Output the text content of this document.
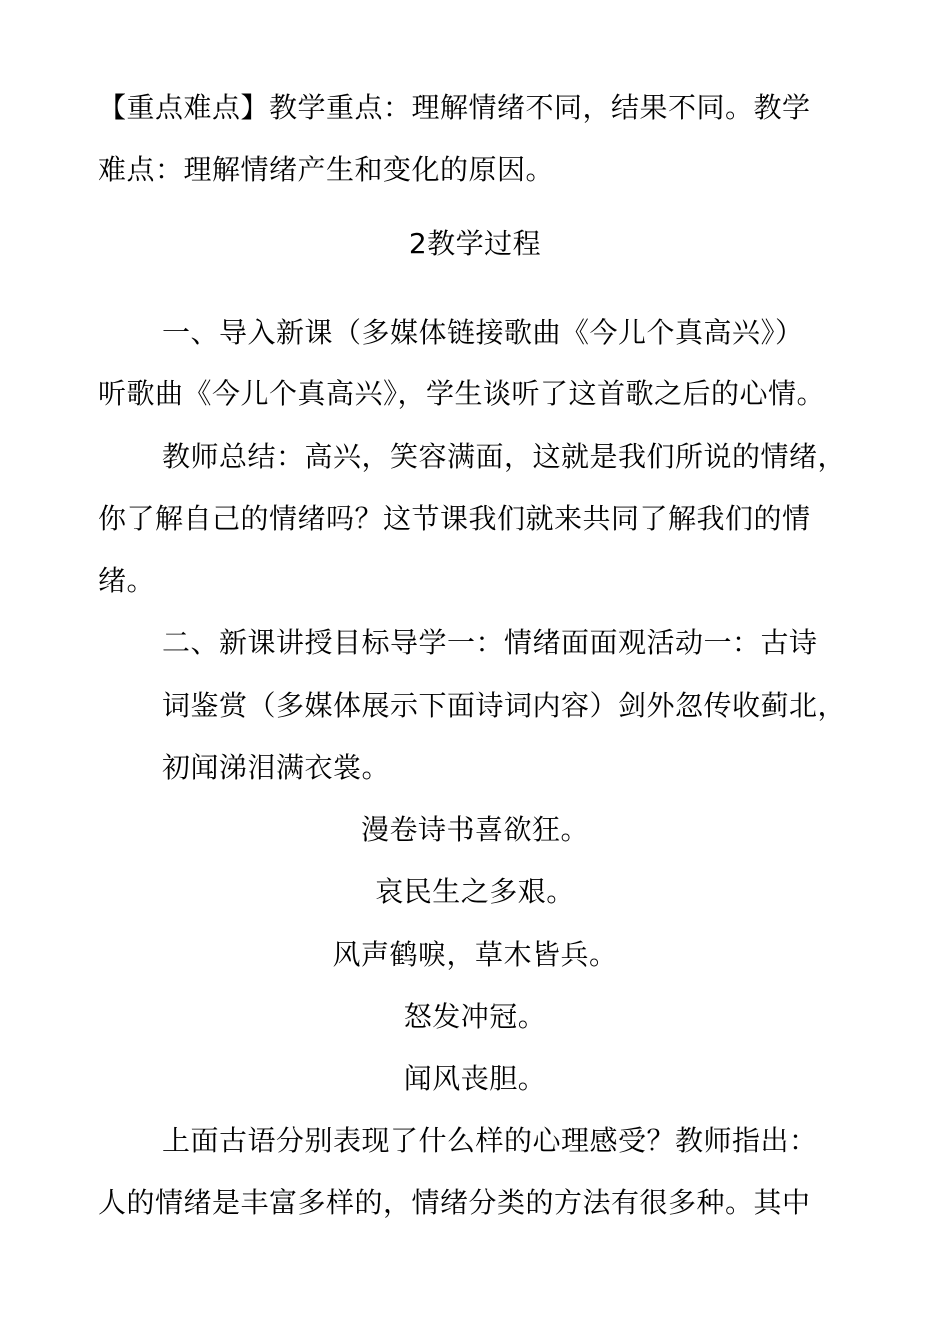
【重点难点】教学重点：理解情绪不同，结果不同。教学
难点：理解情绪产生和变化的原因。
2教学过程
一、导入新课（多媒体链接歌曲《今儿个真高兴》）
听歌曲《今儿个真高兴》，学生谈听了这首歌之后的心情。
教师总结：高兴，笑容满面，这就是我们所说的情绪，
你了解自己的情绪吗？这节课我们就来共同了解我们的情
绪。
二、新课讲授目标导学一：情绪面面观活动一：古诗
词鉴赏（多媒体展示下面诗词内容）剑外忽传收蓟北，
初闻涕泪满衣裳。
漫卷诗书喜欲狂。
哀民生之多艰。
风声鹤唳，草木皆兵。
怒发冲冠。
闻风丧胆。
上面古语分别表现了什么样的心理感受？教师指出：
人的情绪是丰富多样的，情绪分类的方法有很多种。其中
